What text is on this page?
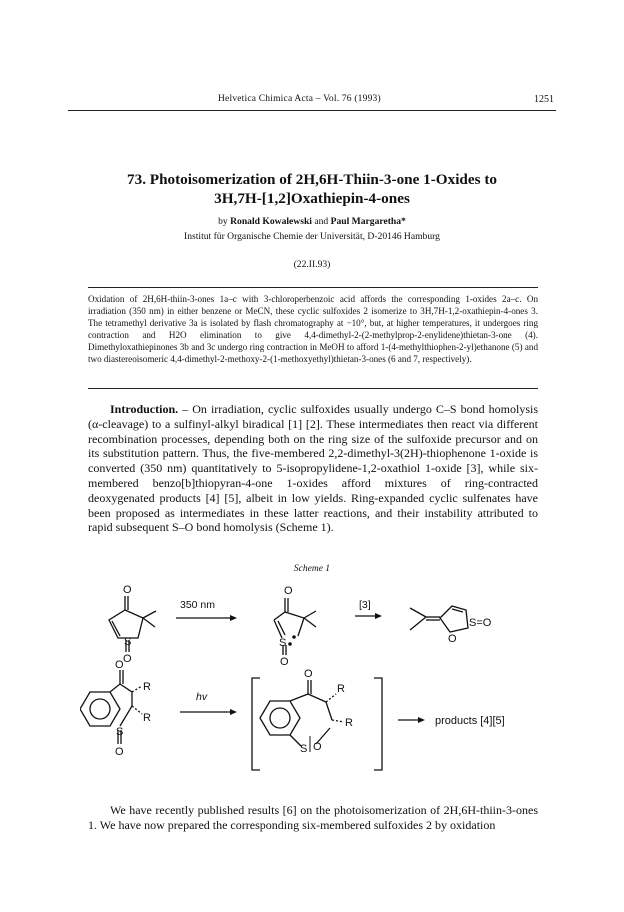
Helvetica Chimica Acta – Vol. 76 (1993)	1251
73. Photoisomerization of 2H,6H-Thiin-3-one 1-Oxides to
3H,7H-[1,2]Oxathiepin-4-ones
by Ronald Kowalewski and Paul Margaretha*
Institut für Organische Chemie der Universität, D-20146 Hamburg
(22.II.93)
Oxidation of 2H,6H-thiin-3-ones 1a–c with 3-chloroperbenzoic acid affords the corresponding 1-oxides 2a–c. On irradiation (350 nm) in either benzene or MeCN, these cyclic sulfoxides 2 isomerize to 3H,7H-1,2-oxathiepin-4-ones 3. The tetramethyl derivative 3a is isolated by flash chromatography at −10°, but, at higher temperatures, it undergoes ring contraction and H2O elimination to give 4,4-dimethyl-2-(2-methylprop-2-enylidene)thietan-3-one (4). Dimethyloxathiepinones 3b and 3c undergo ring contraction in MeOH to afford 1-(4-methylthiophen-2-yl)ethanone (5) and two diastereoisomeric 4,4-dimethyl-2-methoxy-2-(1-methoxyethyl)thietan-3-ones (6 and 7, respectively).
Introduction. – On irradiation, cyclic sulfoxides usually undergo C–S bond homolysis (α-cleavage) to a sulfinyl-alkyl biradical [1] [2]. These intermediates then react via different recombination processes, depending both on the ring size of the sulfoxide precursor and on its substitution pattern. Thus, the five-membered 2,2-dimethyl-3(2H)-thiophenone 1-oxide is converted (350 nm) quantitatively to 5-isopropylidene-1,2-oxathiol 1-oxide [3], while six-membered benzo[b]thiopyran-4-one 1-oxides afford mixtures of ring-contracted deoxygenated products [4] [5], albeit in low yields. Ring-expanded cyclic sulfenates have been proposed as intermediates in these latter reactions, and their instability attributed to rapid subsequent S–O bond homolysis (Scheme 1).
Scheme 1
O
S
O
350 nm
O
S
O
[3]
O
S=O
O
R
S
R
O
hv
O
R
R
S O
products [4][5]

We have recently published results [6] on the photoisomerization of 2H,6H-thiin-3-ones 1. We have now prepared the corresponding six-membered sulfoxides 2 by oxidation
